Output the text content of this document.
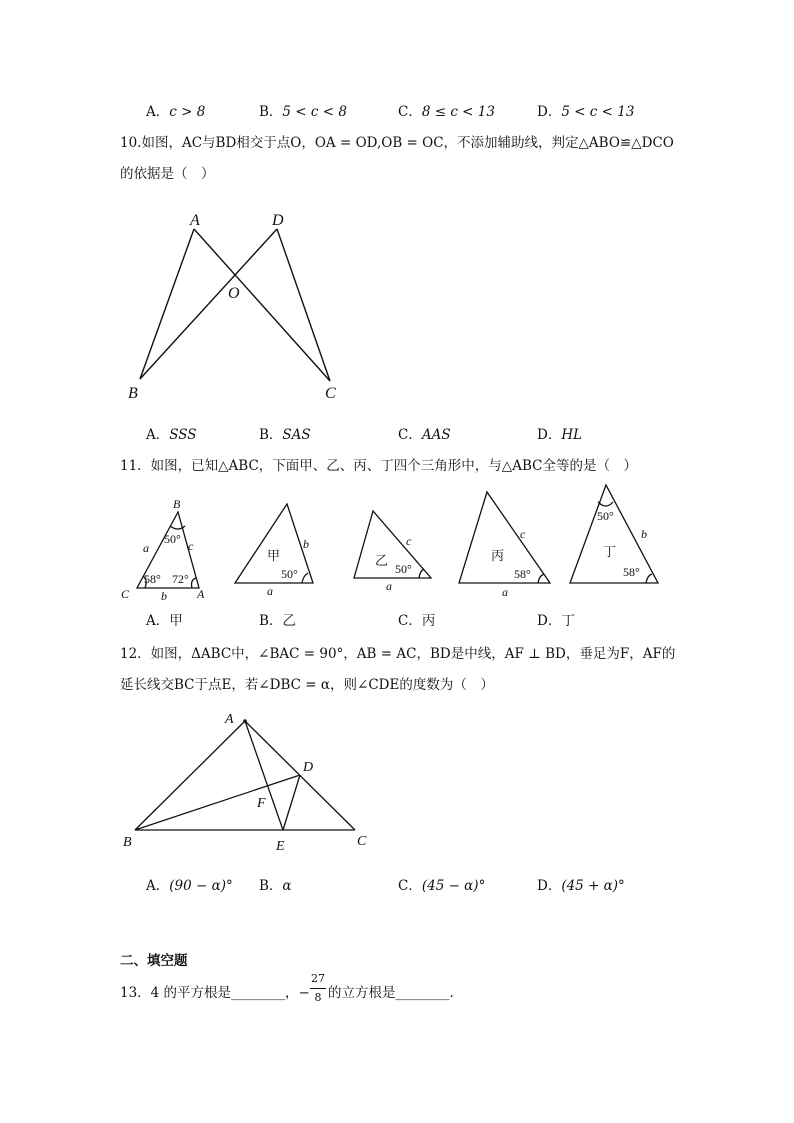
A．c > 8	B．5 < c < 8	C．8 ≤ c < 13	D．5 < c < 13
10.如图，AC与BD相交于点O，OA = OD,OB = OC，不添加辅助线，判定△ABO≌△DCO
的依据是（　）
A	D
O
B	C
A．SSS	B．SAS	C．AAS	D．HL
11．如图，已知△ABC，下面甲、乙、丙、丁四个三角形中，与△ABC全等的是（　）
B
C	A
a
b
c
50°
58° 72°
甲
b
a
50°
乙
c
a
50°
丙
c
a
58°
丁
b
50°
58°
A．甲	B．乙	C．丙	D．丁
12．如图，ΔABC中，∠BAC = 90°，AB = AC，BD是中线，AF ⊥ BD，垂足为F，AF的
延长线交BC于点E，若∠DBC = α，则∠CDE的度数为（　）
A
B	C
D
E
F
A．(90 − α)° B．α	C．(45 − α)°	D．(45 + α)°
二、填空题
13．4 的平方根是________，−
27
8 的立方根是________．
